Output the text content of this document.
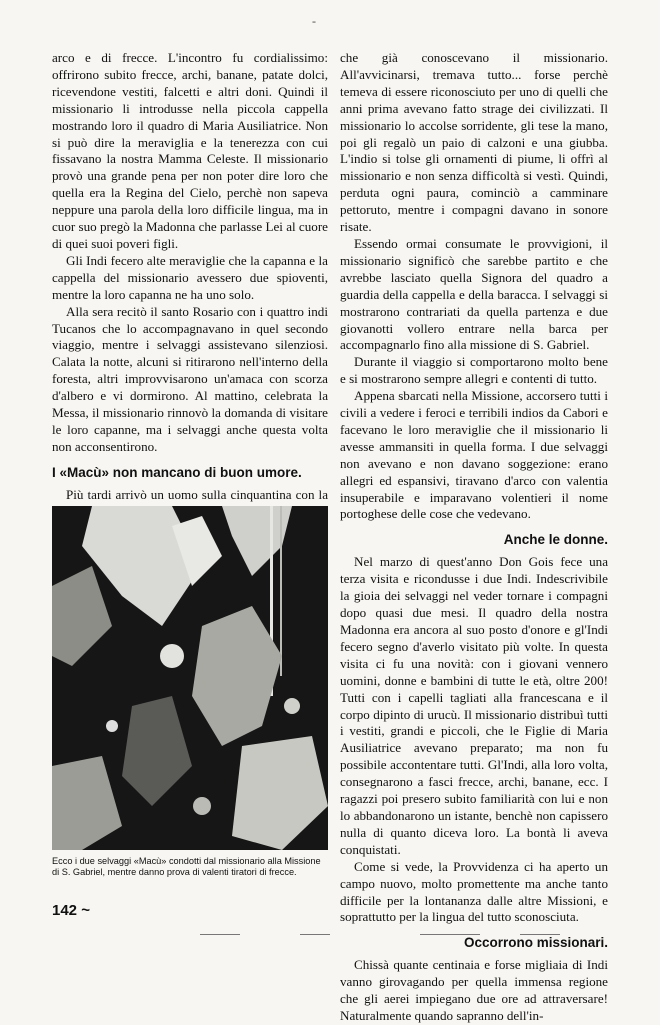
-

arco e di frecce. L'incontro fu cordialissimo: offrirono subito frecce, archi, banane, patate dolci, ricevendone vestiti, falcetti e altri doni. Quindi il missionario li introdusse nella piccola cappella mostrando loro il quadro di Maria Ausiliatrice. Non si può dire la meraviglia e la tenerezza con cui fissavano la nostra Mamma Celeste. Il missionario provò una grande pena per non poter dire loro che quella era la Regina del Cielo, perchè non sapeva neppure una parola della loro difficile lingua, ma in cuor suo pregò la Madonna che parlasse Lei al cuore di quei suoi poveri figli.

Gli Indi fecero alte meraviglie che la capanna e la cappella del missionario avessero due spioventi, mentre la loro capanna ne ha uno solo.

Alla sera recitò il santo Rosario con i quattro indi Tucanos che lo accompagnavano in quel secondo viaggio, mentre i selvaggi assistevano silenziosi. Calata la notte, alcuni si ritirarono nell'interno della foresta, altri improvvisarono un'amaca con scorza d'albero e vi dormirono. Al mattino, celebrata la Messa, il missionario rinnovò la domanda di visitare le loro capanne, ma i selvaggi anche questa volta non acconsentirono.

I «Macù» non mancano di buon umore.

Più tardi arrivò un uomo sulla cinquantina con la

Ecco i due selvaggi «Macù» condotti dal missionario alla Missione di S. Gabriel, mentre danno prova di valenti tiratori di frecce.

che già conoscevano il missionario. All'avvicinarsi, tremava tutto... forse perchè temeva di essere riconosciuto per uno di quelli che anni prima avevano fatto strage dei civilizzati. Il missionario lo accolse sorridente, gli tese la mano, poi gli regalò un paio di calzoni e una giubba. L'indio si tolse gli ornamenti di piume, li offrì al missionario e non senza difficoltà si vestì. Quindi, perduta ogni paura, cominciò a camminare pettoruto, mentre i compagni davano in sonore risate.

Essendo ormai consumate le provvigioni, il missionario significò che sarebbe partito e che avrebbe lasciato quella Signora del quadro a guardia della cappella e della baracca. I selvaggi si mostrarono contrariati da quella partenza e due giovanotti vollero entrare nella barca per accompagnarlo fino alla missione di S. Gabriel.

Durante il viaggio si comportarono molto bene e si mostrarono sempre allegri e contenti di tutto.

Appena sbarcati nella Missione, accorsero tutti i civili a vedere i feroci e terribili indios da Cabori e facevano le loro meraviglie che il missionario li avesse ammansiti in quella forma. I due selvaggi non avevano e non davano soggezione: erano allegri ed espansivi, tiravano d'arco con valentia insuperabile e imparavano volentieri il nome portoghese delle cose che vedevano.

Anche le donne.

Nel marzo di quest'anno Don Gois fece una terza visita e ricondusse i due Indi. Indescrivibile la gioia dei selvaggi nel veder tornare i compagni dopo quasi due mesi. Il quadro della nostra Madonna era ancora al suo posto d'onore e gl'Indi fecero segno d'averlo visitato più volte. In questa visita ci fu una novità: con i giovani vennero uomini, donne e bambini di tutte le età, oltre 200! Tutti con i capelli tagliati alla francescana e il corpo dipinto di urucù. Il missionario distribuì tutti i vestiti, grandi e piccoli, che le Figlie di Maria Ausiliatrice avevano preparato; ma non fu possibile accontentare tutti. Gl'Indi, alla loro volta, consegnarono a fasci frecce, archi, banane, ecc. I ragazzi poi presero subito familiarità con lui e non lo abbandonarono un istante, benchè non capissero nulla di quanto diceva loro. La bontà li aveva conquistati.

Come si vede, la Provvidenza ci ha aperto un campo nuovo, molto promettente ma anche tanto difficile per la lontananza dalle altre Missioni, e soprattutto per la lingua del tutto sconosciuta.

Occorrono missionari.

Chissà quante centinaia e forse migliaia di Indi vanno girovagando per quella immensa regione che gli aerei impiegano due ore ad attraversare! Naturalmente quando sapranno dell'in-

142 ~
